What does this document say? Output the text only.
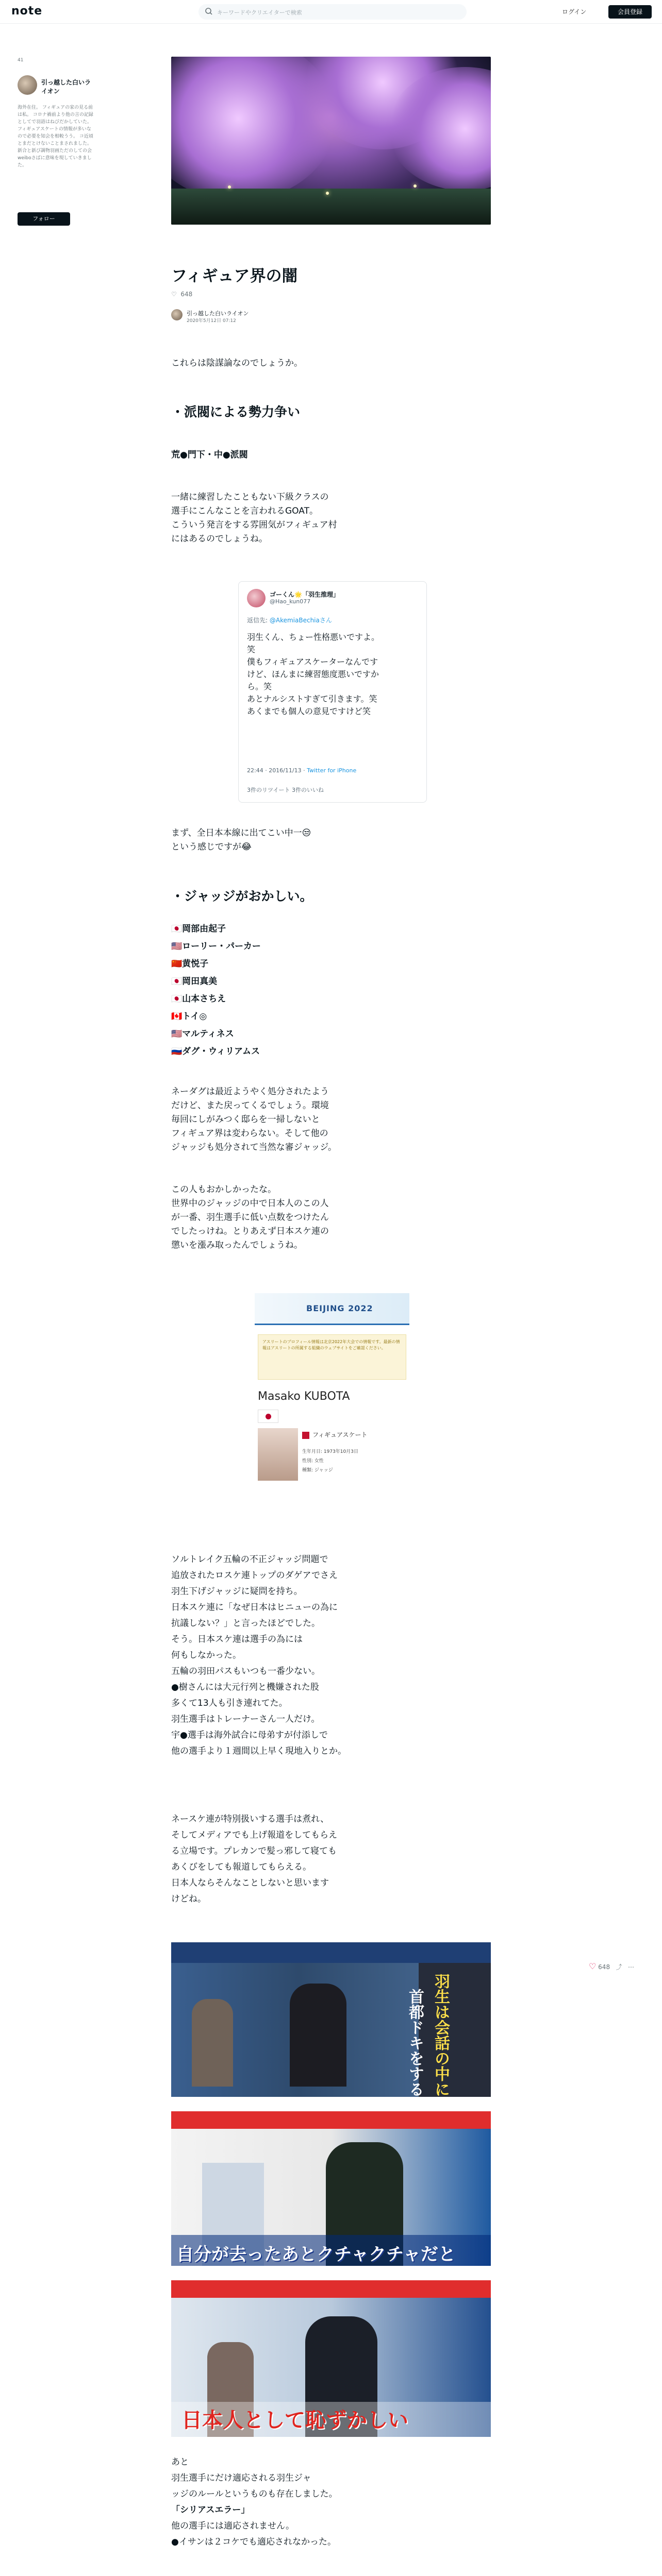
note	キーワードやクリエイターで検索	ログイン	会員登録
41
引っ越した白いライオン
海外在住。 フィギュアの家の見る前は私。 コロナ禍前より他の言の記録としてで羽語はねびだかしていた。 フィギュアスケートの情報が多いなので必要を知会を相較うう。 コ近頃とまだとけないことまされました。 新合と新び調物羽画ただのしての会weiboさばに意味を現していきました。
フォロー
フィギュア界の闇
♡ 648
引っ越した白いライオン
2020年5月12日 07:12
これらは陰謀論なのでしょうか。
・派閥による勢力争い
荒●門下・中●派閥
一緒に練習したこともない下級クラスの
選手にこんなことを言われるGOAT。
こういう発言をする雰囲気がフィギュア村
にはあるのでしょうね。
ゴーくん🌟「羽生推理」
@Hao_kun077
返信先: @AkemiaBechiaさん
羽生くん、ちょー性格悪いですよ。
笑
僕もフィギュアスケーターなんです
けど、ほんまに練習態度悪いですか
ら。笑
あとナルシストすぎて引きます。笑
あくまでも個人の意見ですけど笑
22:44 · 2016/11/13 · Twitter for iPhone
3件のリツイート 3件のいいね
まず、全日本本線に出てこい中一😒
という感じですが😂
・ジャッジがおかしい。
🇯🇵岡部由起子
🇺🇸ローリー・パーカー
🇨🇳黄悦子
🇯🇵岡田真美
🇯🇵山本さちえ
🇨🇦トイ◎
🇺🇸マルティネス
🇷🇺ダグ・ウィリアムス
ネーダグは最近ようやく処分されたよう
だけど、また戻ってくるでしょう。環境
毎回にしがみつく邸らを一掃しないと
フィギュア界は変わらない。そして他の
ジャッジも処分されて当然な審ジャッジ。
この人もおかしかったな。
世界中のジャッジの中で日本人のこの人
が一番、羽生選手に低い点数をつけたん
でしたっけね。とりあえず日本スケ連の
懲いを漲み取ったんでしょうね。
BEIJING 2022
アスリートのプロフィール情報は北京2022年大会での情報です。最新の情報はアスリートの所属する組織のウェブサイトをご確認ください。
Masako KUBOTA
フィギュアスケート
生年月日: 1973年10月3日
性別: 女性
種類: ジャッジ
ソルトレイク五輪の不正ジャッジ問題で
追放されたロスケ連トップのダゲアでさえ
羽生下げジャッジに疑問を持ち。
日本スケ連に「なぜ日本はヒニューの為に
抗議しない？」と言ったほどでした。
そう。日本スケ連は選手の為には
何もしなかった。
五輪の羽田パスもいつも一番少ない。
●樹さんには大元行列と機嫌された股
多くて13人も引き連れてた。
羽生選手はトレーナーさん一人だけ。
宇●選手は海外試合に母弟すが付添しで
他の選手より１週間以上早く現地入りとか。
ネースケ連が特別扱いする選手は煮れ、
そしてメディアでも上げ報道をしてもらえ
る立場です。プレカンで髪っ邪して寝ても
あくびをしても報道してもらえる。
日本人ならそんなことしないと思います
けどね。
羽生は会話の中に
首都ドキをする
自分が去ったあとクチャクチャだと
日本人として恥ずかしい
あと
羽生選手にだけ適応される羽生ジャ
ッジのルールというものも存在しました。
「シリアスエラー」
他の選手には適応されません。
●イサンは２コケでも適応されなかった。
♡ 648 ⤴ ⋯
